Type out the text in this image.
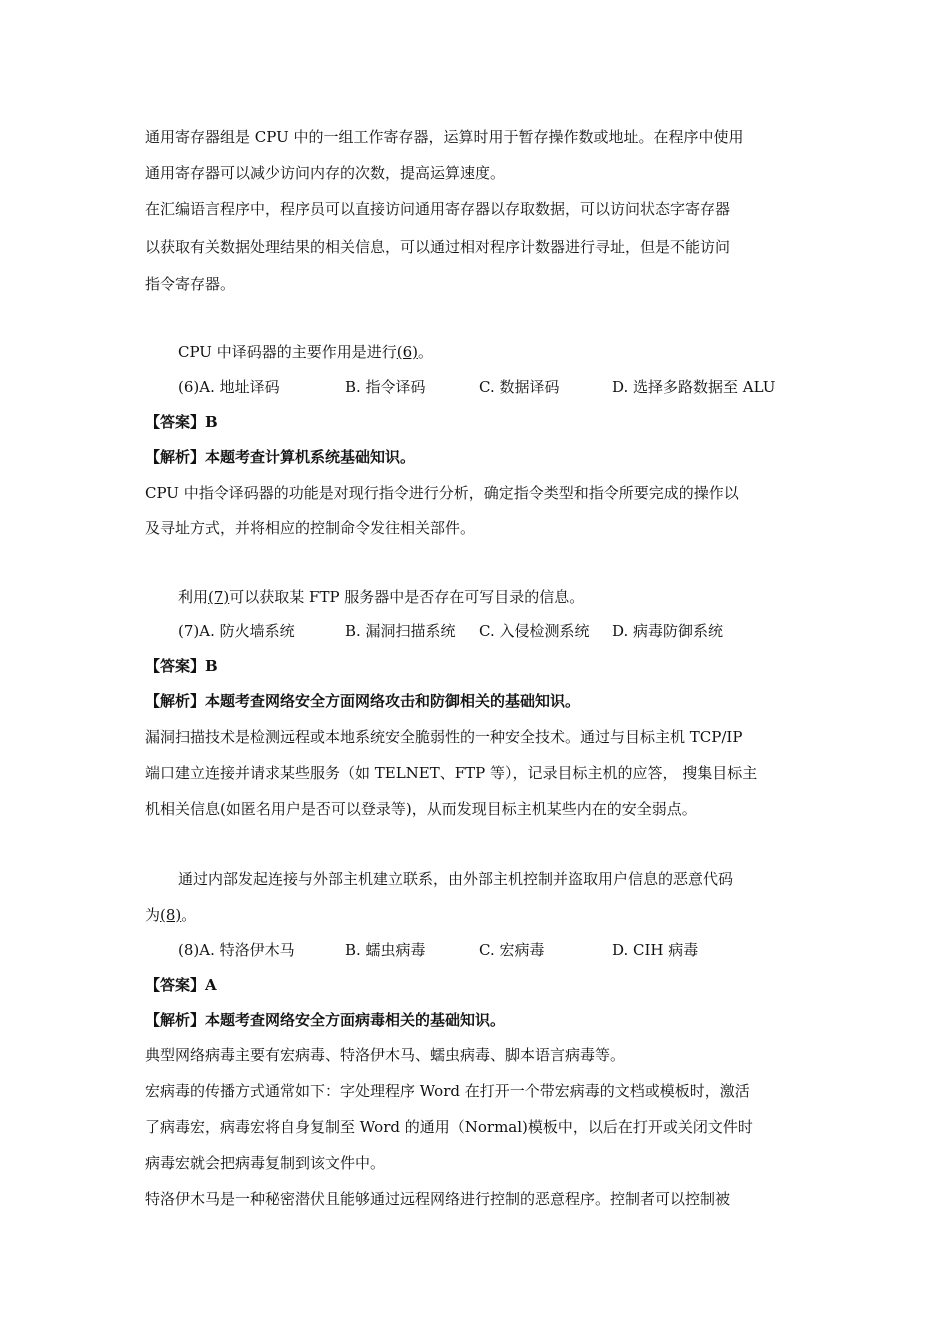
通用寄存器组是 CPU 中的一组工作寄存器，运算时用于暂存操作数或地址。在程序中使用
通用寄存器可以减少访问内存的次数，提高运算速度。
在汇编语言程序中，程序员可以直接访问通用寄存器以存取数据，可以访问状态字寄存器
以获取有关数据处理结果的相关信息，可以通过相对程序计数器进行寻址，但是不能访问
指令寄存器。
CPU 中译码器的主要作用是进行(6)。
(6)A. 地址译码	B. 指令译码	C. 数据译码	D. 选择多路数据至 ALU
【答案】B
【解析】本题考查计算机系统基础知识。
CPU 中指令译码器的功能是对现行指令进行分析，确定指令类型和指令所要完成的操作以
及寻址方式，并将相应的控制命令发往相关部件。
利用(7)可以获取某 FTP 服务器中是否存在可写目录的信息。
(7)A. 防火墙系统	B. 漏洞扫描系统 C. 入侵检测系统 D. 病毒防御系统
【答案】B
【解析】本题考查网络安全方面网络攻击和防御相关的基础知识。
漏洞扫描技术是检测远程或本地系统安全脆弱性的一种安全技术。通过与目标主机 TCP/IP
端口建立连接并请求某些服务（如 TELNET、FTP 等），记录目标主机的应答， 搜集目标主
机相关信息(如匿名用户是否可以登录等)，从而发现目标主机某些内在的安全弱点。
通过内部发起连接与外部主机建立联系，由外部主机控制并盗取用户信息的恶意代码
为(8)。
(8)A. 特洛伊木马	B. 蠕虫病毒	C. 宏病毒	D. CIH 病毒
【答案】A
【解析】本题考查网络安全方面病毒相关的基础知识。
典型网络病毒主要有宏病毒、特洛伊木马、蠕虫病毒、脚本语言病毒等。
宏病毒的传播方式通常如下：字处理程序 Word 在打开一个带宏病毒的文档或模板时，激活
了病毒宏，病毒宏将自身复制至 Word 的通用（Normal)模板中，以后在打开或关闭文件时
病毒宏就会把病毒复制到该文件中。
特洛伊木马是一种秘密潜伏且能够通过远程网络进行控制的恶意程序。控制者可以控制被
